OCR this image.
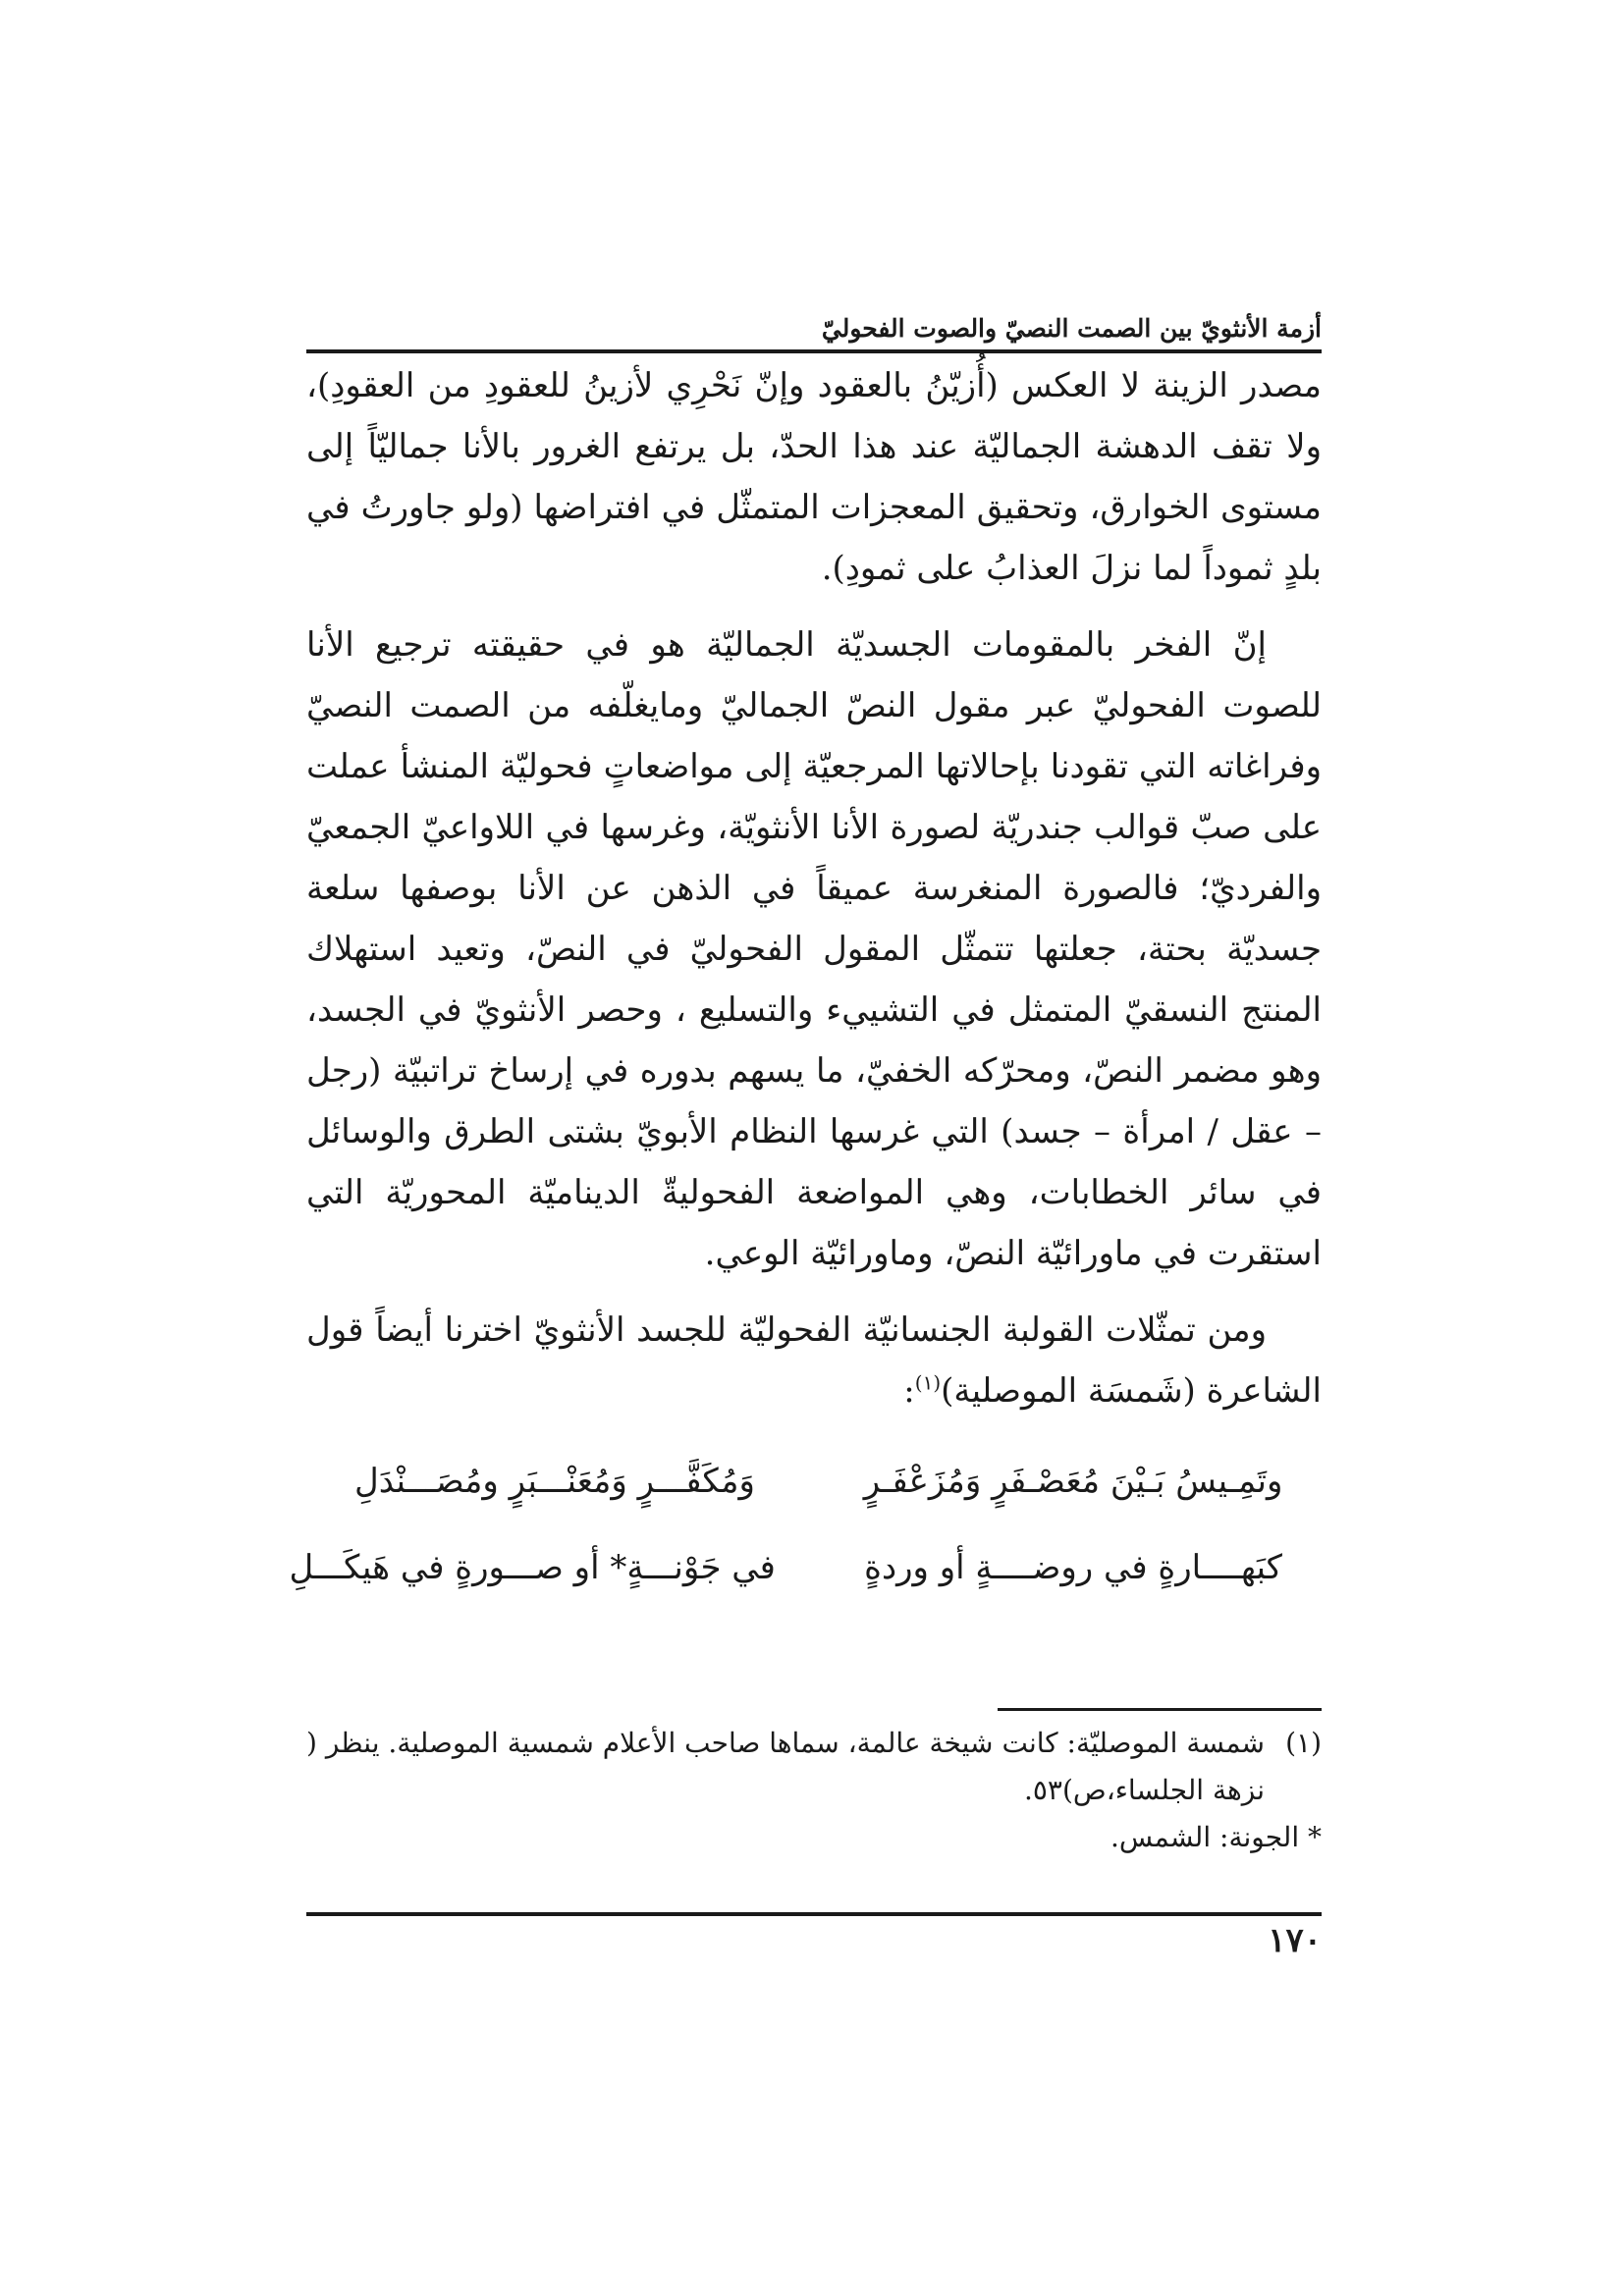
أزمة الأنثويّ بين الصمت النصيّ والصوت الفحوليّ

مصدر الزينة لا العكس (أُزيّنُ بالعقود وإنّ نَحْرِي لأزينُ للعقودِ من العقودِ)، ولا تقف الدهشة الجماليّة عند هذا الحدّ، بل يرتفع الغرور بالأنا جماليّاً إلى مستوى الخوارق، وتحقيق المعجزات المتمثّل في افتراضها (ولو جاورتُ في بلدٍ ثموداً لما نزلَ العذابُ على ثمودِ).

إنّ الفخر بالمقومات الجسديّة الجماليّة هو في حقيقته ترجيع الأنا للصوت الفحوليّ عبر مقول النصّ الجماليّ ومايغلّفه من الصمت النصيّ وفراغاته التي تقودنا بإحالاتها المرجعيّة إلى مواضعاتٍ فحوليّة المنشأ عملت على صبّ قوالب جندريّة لصورة الأنا الأنثويّة، وغرسها في اللاواعيّ الجمعيّ والفرديّ؛ فالصورة المنغرسة عميقاً في الذهن عن الأنا بوصفها سلعة جسديّة بحتة، جعلتها تتمثّل المقول الفحوليّ في النصّ، وتعيد استهلاك المنتج النسقيّ المتمثل في التشييء والتسليع ، وحصر الأنثويّ في الجسد، وهو مضمر النصّ، ومحرّكه الخفيّ، ما يسهم بدوره في إرساخ تراتبيّة (رجل – عقل / امرأة – جسد) التي غرسها النظام الأبويّ بشتى الطرق والوسائل في سائر الخطابات، وهي المواضعة الفحوليةّ الديناميّة المحوريّة التي استقرت في ماورائيّة النصّ، وماورائيّة الوعي.

ومن تمثّلات القولبة الجنسانيّة الفحوليّة للجسد الأنثويّ اخترنا أيضاً قول الشاعرة (شَمسَة الموصلية)$^{(١)}$:

وتَمِـيسُ بَـيْنَ مُعَصْـفَرٍ وَمُزَعْفَـرٍ
وَمُكَفَّـــرٍ وَمُعَنْـــبَرٍ ومُصَـــنْدَلِ
كبَهــــارةٍ في روضــــةٍ أو وردةٍ
في جَوْنـــةٍ* أو صـــورةٍ في هَيكَـــلِ
(١)
شمسة الموصليّة: كانت شيخة عالمة، سماها صاحب الأعلام شمسية الموصلية. ينظر ( نزهة الجلساء،ص)٥٣.
* الجونة: الشمس.
١٧٠
